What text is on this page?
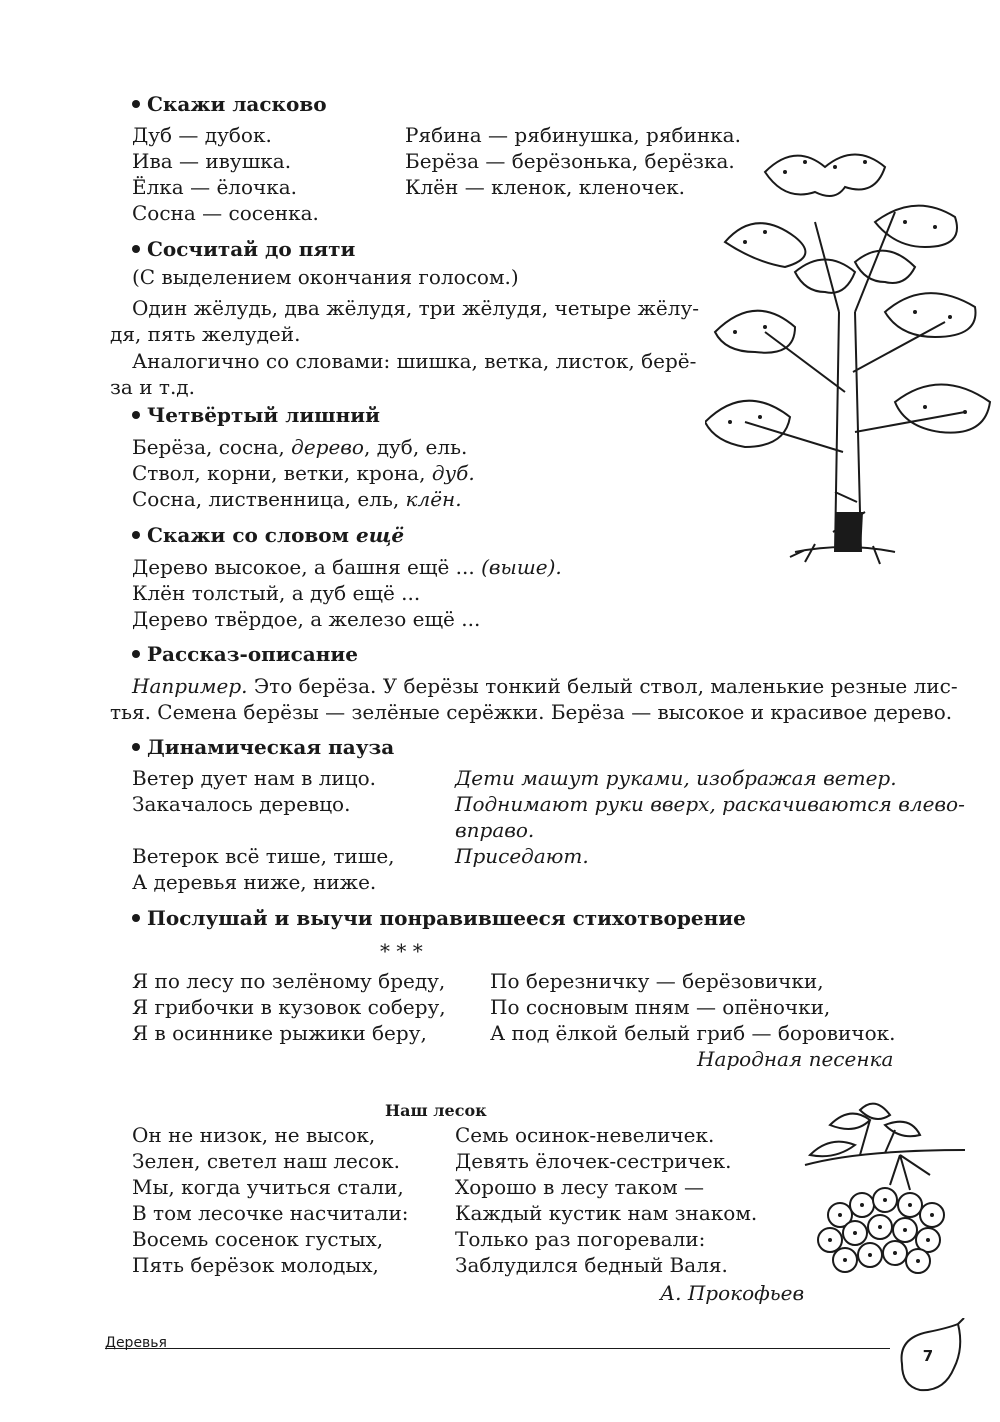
Скажи ласково
Дуб — дубок.
Ива — ивушка.
Ёлка — ёлочка.
Сосна — сосенка.
Рябина — рябинушка, рябинка.
Берёза — берёзонька, берёзка.
Клён — кленок, кленочек.
Сосчитай до пяти
(С выделением окончания голосом.)
Один жёлудь, два жёлудя, три жёлудя, четыре жёлу-
дя, пять желудей.
Аналогично со словами: шишка, ветка, листок, берё-
за и т.д.
Четвёртый лишний
Берёза, сосна, дерево, дуб, ель.
Ствол, корни, ветки, крона, дуб.
Сосна, лиственница, ель, клён.
Скажи со словом ещё
Дерево высокое, а башня ещё ... (выше).
Клён толстый, а дуб ещё ...
Дерево твёрдое, а железо ещё ...
Рассказ-описание
Например. Это берёза. У берёзы тонкий белый ствол, маленькие резные лис-
тья. Семена берёзы — зелёные серёжки. Берёза — высокое и красивое дерево.
Динамическая пауза
Ветер дует нам в лицо.
Закачалось деревцо.
Ветерок всё тише, тише,
А деревья ниже, ниже.
Дети машут руками, изображая ветер.
Поднимают руки вверх, раскачиваются влево-
вправо.
Приседают.
Послушай и выучи понравившееся стихотворение
* * *
Я по лесу по зелёному бреду,
Я грибочки в кузовок соберу,
Я в осиннике рыжики беру,
По березничку — берёзовички,
По сосновым пням — опёночки,
А под ёлкой белый гриб — боровичок.
Народная песенка
Наш лесок
Он не низок, не высок,
Зелен, светел наш лесок.
Мы, когда учиться стали,
В том лесочке насчитали:
Восемь сосенок густых,
Пять берёзок молодых,
Семь осинок-невеличек.
Девять ёлочек-сестричек.
Хорошо в лесу таком —
Каждый кустик нам знаком.
Только раз погоревали:
Заблудился бедный Валя.
А. Прокофьев
Деревья
7
